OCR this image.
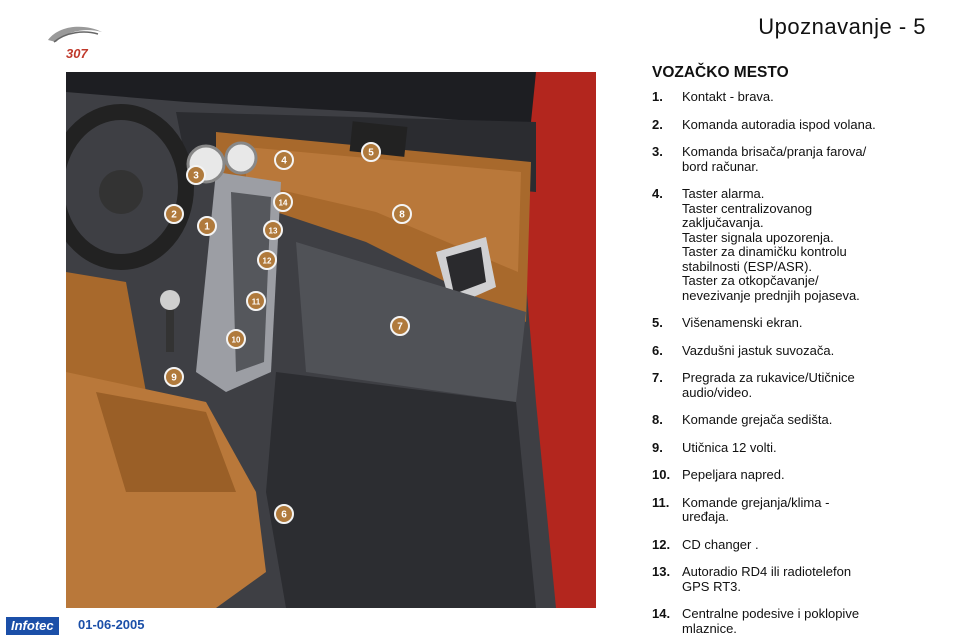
307
Upoznavanje - 5
1
2
3
4
5
6
7
8
9
10
11
12
13
14
VOZAČKO MESTO
1.	Kontakt - brava.
2.	Komanda autoradia ispod volana.
3.	Komanda brisača/pranja farova/
bord računar.
4.	Taster alarma.
Taster centralizovanog
zaključavanja.
Taster signala upozorenja.
Taster za dinamičku kontrolu
stabilnosti (ESP/ASR).
Taster za otkopčavanje/
nevezivanje prednjih pojaseva.
5.	Višenamenski ekran.
6.	Vazdušni jastuk suvozača.
7.	Pregrada za rukavice/Utičnice
audio/video.
8.	Komande grejača sedišta.
9.	Utičnica 12 volti.
10. Pepeljara napred.
11. Komande grejanja/klima -
uređaja.
12. CD changer .
13. Autoradio RD4 ili radiotelefon
GPS RT3.
14. Centralne podesive i poklopive
mlaznice.
Infotec	01-06-2005
